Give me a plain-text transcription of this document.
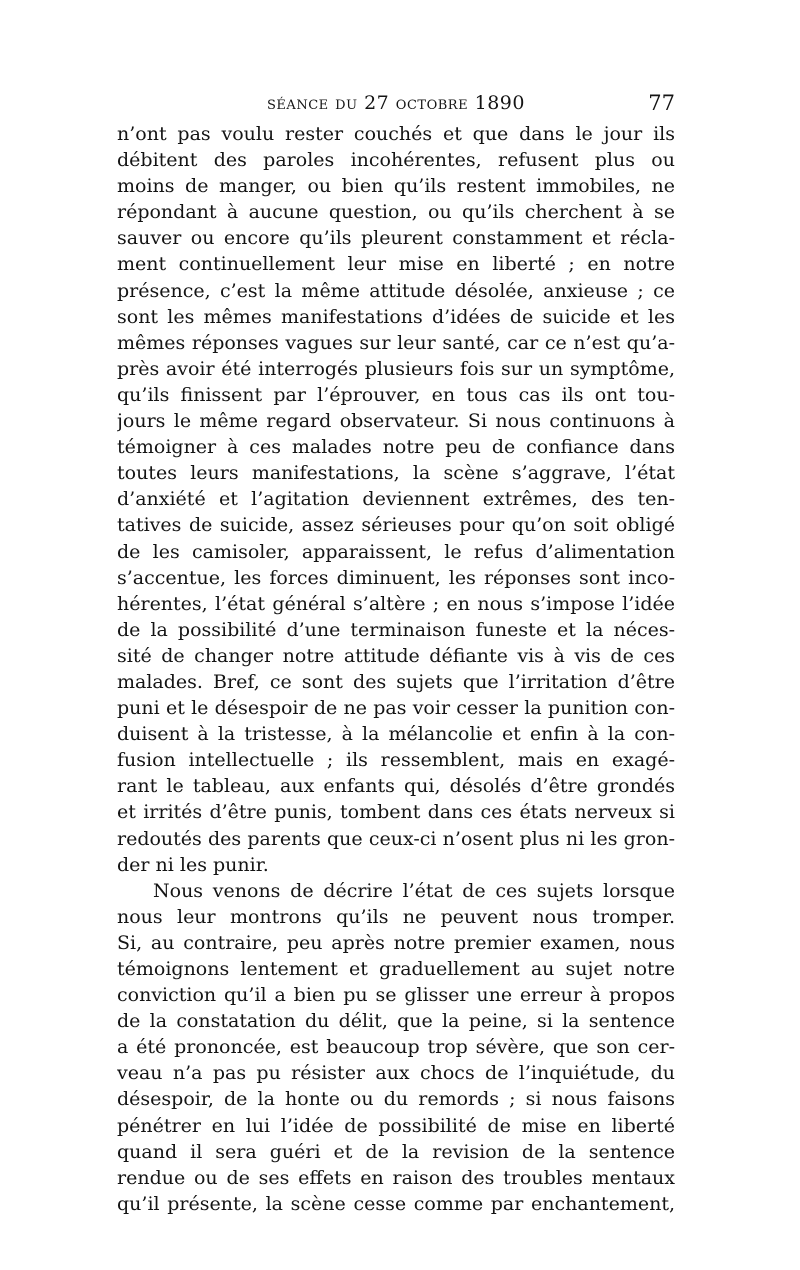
séance du 27 octobre 1890	77
n’ont pas voulu rester couchés et que dans le jour ils
débitent des paroles incohérentes, refusent plus ou
moins de manger, ou bien qu’ils restent immobiles, ne
répondant à aucune question, ou qu’ils cherchent à se
sauver ou encore qu’ils pleurent constamment et récla-
ment continuellement leur mise en liberté ; en notre
présence, c’est la même attitude désolée, anxieuse ; ce
sont les mêmes manifestations d’idées de suicide et les
mêmes réponses vagues sur leur santé, car ce n’est qu’a-
près avoir été interrogés plusieurs fois sur un symptôme,
qu’ils finissent par l’éprouver, en tous cas ils ont tou-
jours le même regard observateur. Si nous continuons à
témoigner à ces malades notre peu de confiance dans
toutes leurs manifestations, la scène s’aggrave, l’état
d’anxiété et l’agitation deviennent extrêmes, des ten-
tatives de suicide, assez sérieuses pour qu’on soit obligé
de les camisoler, apparaissent, le refus d’alimentation
s’accentue, les forces diminuent, les réponses sont inco-
hérentes, l’état général s’altère ; en nous s’impose l’idée
de la possibilité d’une terminaison funeste et la néces-
sité de changer notre attitude défiante vis à vis de ces
malades. Bref, ce sont des sujets que l’irritation d’être
puni et le désespoir de ne pas voir cesser la punition con-
duisent à la tristesse, à la mélancolie et enfin à la con-
fusion intellectuelle ; ils ressemblent, mais en exagé-
rant le tableau, aux enfants qui, désolés d’être grondés
et irrités d’être punis, tombent dans ces états nerveux si
redoutés des parents que ceux-ci n’osent plus ni les gron-
der ni les punir.
Nous venons de décrire l’état de ces sujets lorsque
nous leur montrons qu’ils ne peuvent nous tromper.
Si, au contraire, peu après notre premier examen, nous
témoignons lentement et graduellement au sujet notre
conviction qu’il a bien pu se glisser une erreur à propos
de la constatation du délit, que la peine, si la sentence
a été prononcée, est beaucoup trop sévère, que son cer-
veau n’a pas pu résister aux chocs de l’inquiétude, du
désespoir, de la honte ou du remords ; si nous faisons
pénétrer en lui l’idée de possibilité de mise en liberté
quand il sera guéri et de la revision de la sentence
rendue ou de ses effets en raison des troubles mentaux
qu’il présente, la scène cesse comme par enchantement,
